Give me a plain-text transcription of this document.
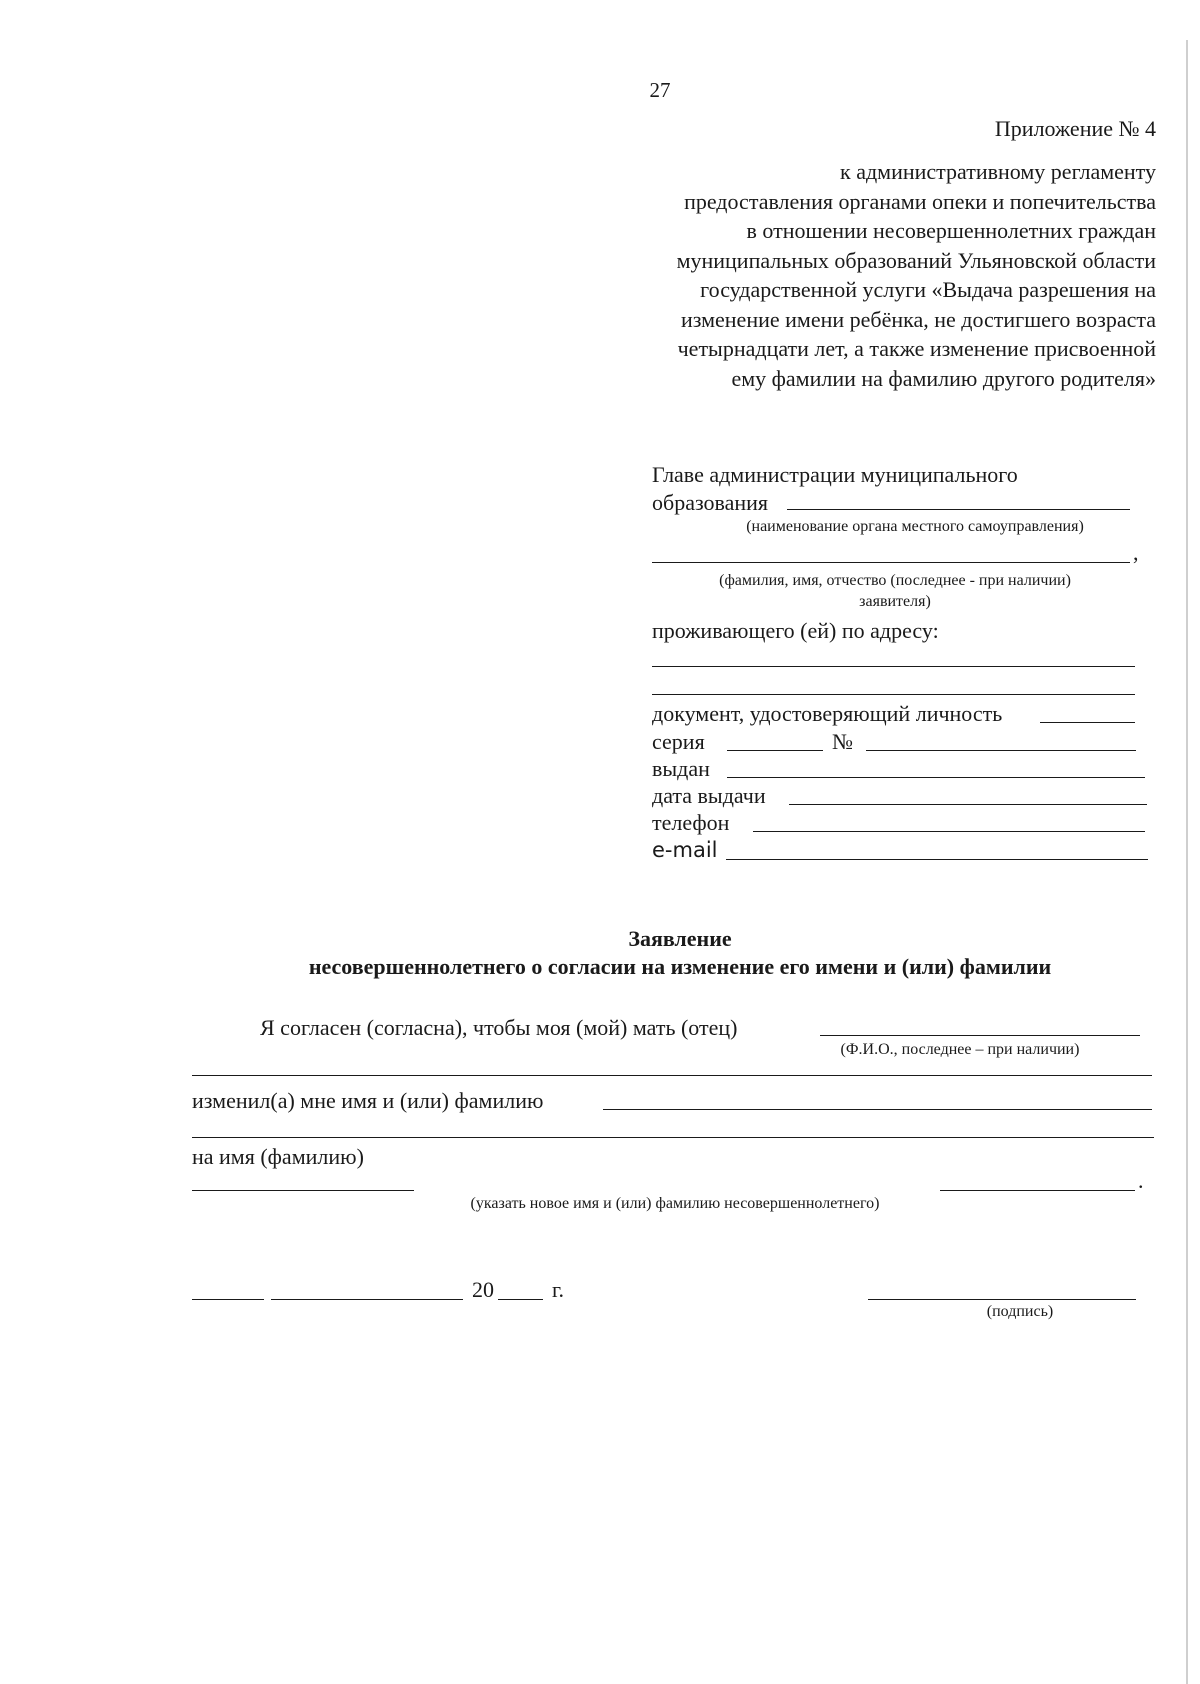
27
Приложение № 4
к административному регламенту
предоставления органами опеки и попечительства
в отношении несовершеннолетних граждан
муниципальных образований Ульяновской области
государственной услуги «Выдача разрешения на
изменение имени ребёнка, не достигшего возраста
четырнадцати лет, а также изменение присвоенной
ему фамилии на фамилию другого родителя»
Главе администрации муниципального
образования
(наименование органа местного самоуправления)
,
(фамилия, имя, отчество (последнее - при наличии)
заявителя)
проживающего (ей) по адресу:
документ, удостоверяющий личность
серия	№
выдан
дата выдачи
телефон
e-mail
Заявление
несовершеннолетнего о согласии на изменение его имени и (или) фамилии
Я согласен (согласна), чтобы моя (мой) мать (отец)
(Ф.И.О., последнее – при наличии)
изменил(а) мне имя и (или) фамилию
на имя (фамилию)
(указать новое имя и (или) фамилию несовершеннолетнего)
.
20	г.
(подпись)
